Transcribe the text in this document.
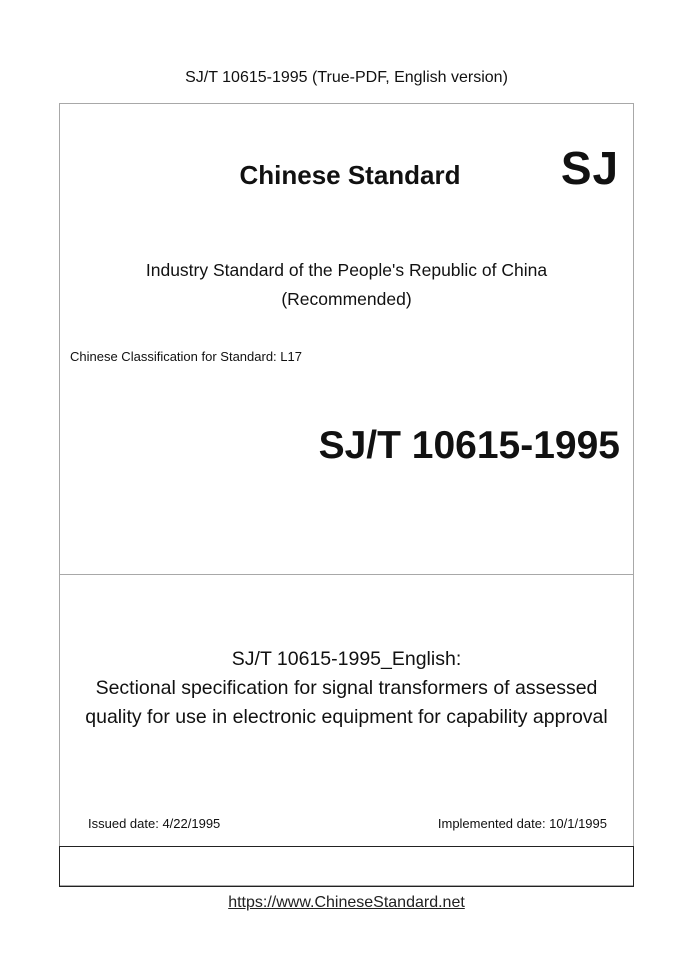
SJ/T 10615-1995 (True-PDF, English version)
Chinese Standard	SJ
Industry Standard of the People's Republic of China
(Recommended)
Chinese Classification for Standard: L17
SJ/T 10615-1995
SJ/T 10615-1995_English:
Sectional specification for signal transformers of assessed
quality for use in electronic equipment for capability approval
Issued date: 4/22/1995	Implemented date: 10/1/1995
https://www.ChineseStandard.net
